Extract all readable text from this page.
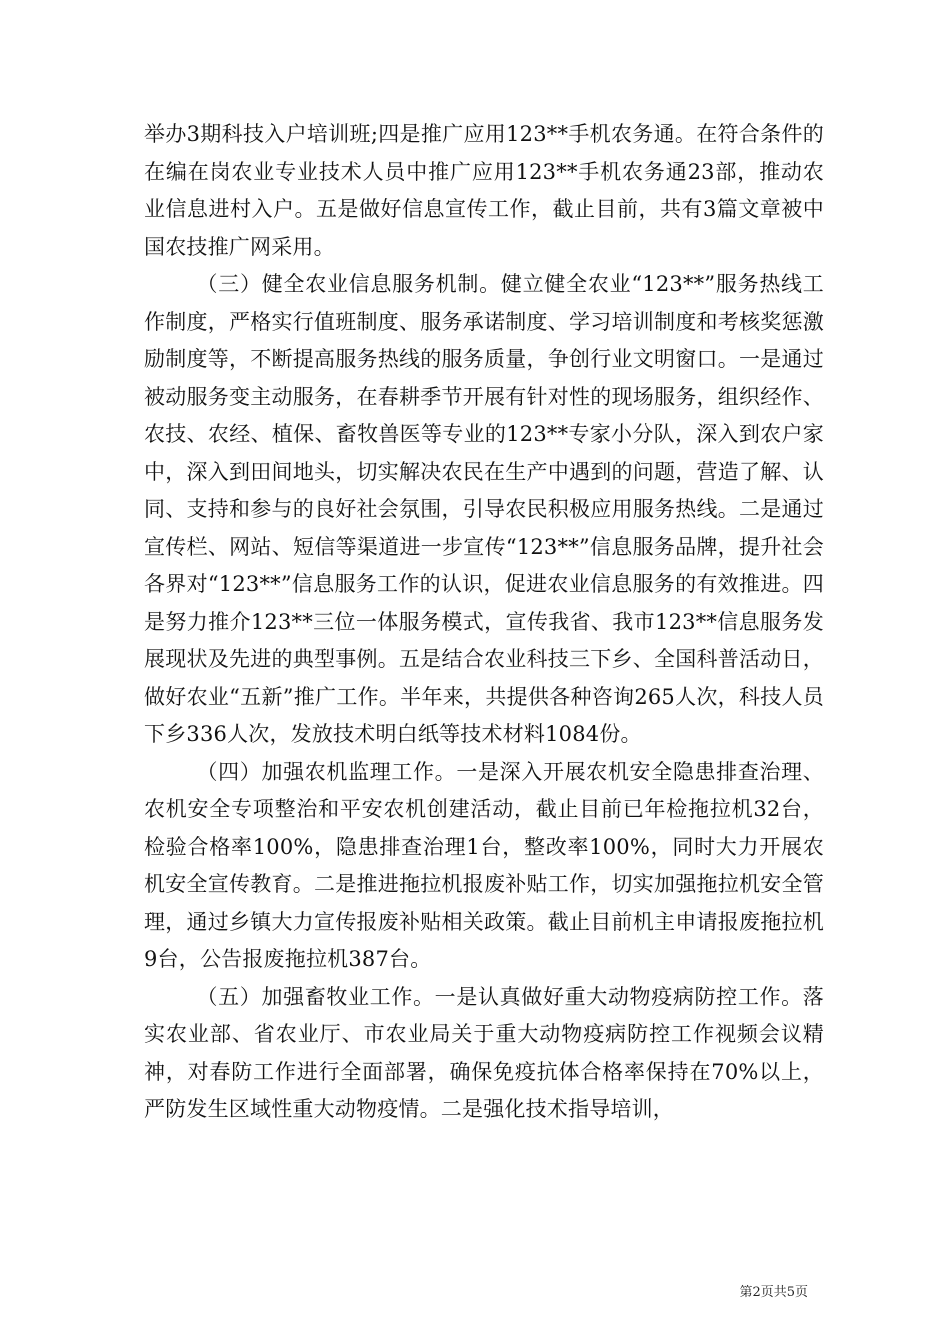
举办3期科技入户培训班;四是推广应用123**手机农务通。在符合条件的在编在岗农业专业技术人员中推广应用123**手机农务通23部，推动农业信息进村入户。五是做好信息宣传工作，截止目前，共有3篇文章被中国农技推广网采用。

（三）健全农业信息服务机制。健立健全农业“123**”服务热线工作制度，严格实行值班制度、服务承诺制度、学习培训制度和考核奖惩激励制度等，不断提高服务热线的服务质量，争创行业文明窗口。一是通过被动服务变主动服务，在春耕季节开展有针对性的现场服务，组织经作、农技、农经、植保、畜牧兽医等专业的123**专家小分队，深入到农户家中，深入到田间地头，切实解决农民在生产中遇到的问题，营造了解、认同、支持和参与的良好社会氛围，引导农民积极应用服务热线。二是通过宣传栏、网站、短信等渠道进一步宣传“123**”信息服务品牌，提升社会各界对“123**”信息服务工作的认识，促进农业信息服务的有效推进。四是努力推介123**三位一体服务模式，宣传我省、我市123**信息服务发展现状及先进的典型事例。五是结合农业科技三下乡、全国科普活动日，做好农业“五新”推广工作。半年来，共提供各种咨询265人次，科技人员下乡336人次，发放技术明白纸等技术材料1084份。

（四）加强农机监理工作。一是深入开展农机安全隐患排查治理、农机安全专项整治和平安农机创建活动，截止目前已年检拖拉机32台，检验合格率100%，隐患排查治理1台，整改率100%，同时大力开展农机安全宣传教育。二是推进拖拉机报废补贴工作，切实加强拖拉机安全管理，通过乡镇大力宣传报废补贴相关政策。截止目前机主申请报废拖拉机9台，公告报废拖拉机387台。

（五）加强畜牧业工作。一是认真做好重大动物疫病防控工作。落实农业部、省农业厅、市农业局关于重大动物疫病防控工作视频会议精神，对春防工作进行全面部署，确保免疫抗体合格率保持在70%以上，严防发生区域性重大动物疫情。二是强化技术指导培训，

第2页共5页
